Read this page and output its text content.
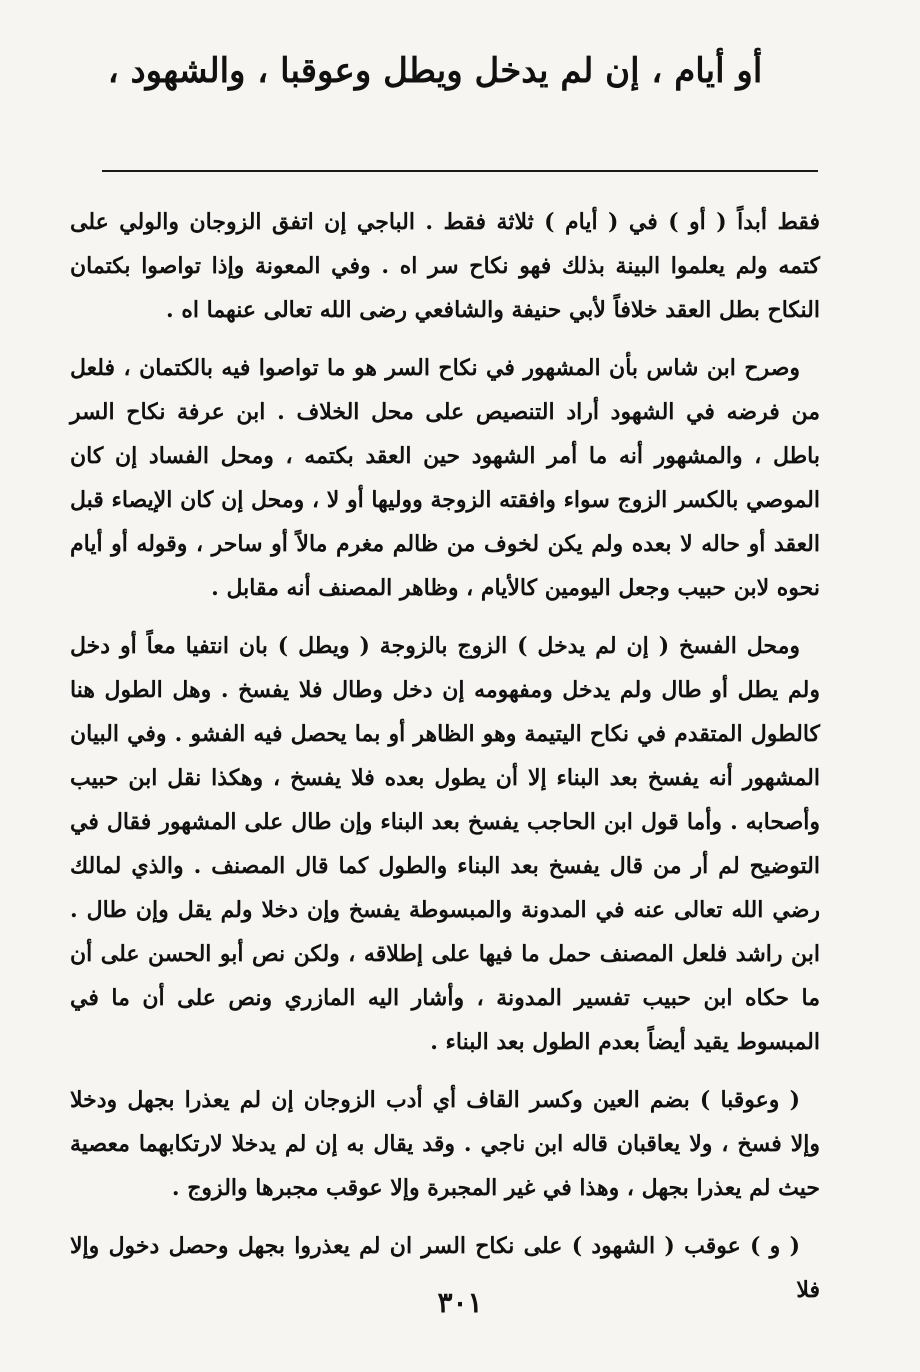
أو أيام ، إن لم يدخل ويطل وعوقبا ، والشهود ،

فقط أبداً ( أو ) في ( أيام ) ثلاثة فقط . الباجي إن اتفق الزوجان والولي على كتمه ولم يعلموا البينة بذلك فهو نكاح سر اه . وفي المعونة وإذا تواصوا بكتمان النكاح بطل العقد خلافاً لأبي حنيفة والشافعي رضى الله تعالى عنهما اه .

وصرح ابن شاس بأن المشهور في نكاح السر هو ما تواصوا فيه بالكتمان ، فلعل من فرضه في الشهود أراد التنصيص على محل الخلاف . ابن عرفة نكاح السر باطل ، والمشهور أنه ما أمر الشهود حين العقد بكتمه ، ومحل الفساد إن كان الموصي بالكسر الزوج سواء وافقته الزوجة ووليها أو لا ، ومحل إن كان الإيصاء قبل العقد أو حاله لا بعده ولم يكن لخوف من ظالم مغرم مالاً أو ساحر ، وقوله أو أيام نحوه لابن حبيب وجعل اليومين كالأيام ، وظاهر المصنف أنه مقابل .

ومحل الفسخ ( إن لم يدخل ) الزوج بالزوجة ( ويطل ) بان انتفيا معاً أو دخل ولم يطل أو طال ولم يدخل ومفهومه إن دخل وطال فلا يفسخ . وهل الطول هنا كالطول المتقدم في نكاح اليتيمة وهو الظاهر أو بما يحصل فيه الفشو . وفي البيان المشهور أنه يفسخ بعد البناء إلا أن يطول بعده فلا يفسخ ، وهكذا نقل ابن حبيب وأصحابه . وأما قول ابن الحاجب يفسخ بعد البناء وإن طال على المشهور فقال في التوضيح لم أر من قال يفسخ بعد البناء والطول كما قال المصنف . والذي لمالك رضي الله تعالى عنه في المدونة والمبسوطة يفسخ وإن دخلا ولم يقل وإن طال . ابن راشد فلعل المصنف حمل ما فيها على إطلاقه ، ولكن نص أبو الحسن على أن ما حكاه ابن حبيب تفسير المدونة ، وأشار اليه المازري ونص على أن ما في المبسوط يقيد أيضاً بعدم الطول بعد البناء .

( وعوقبا ) بضم العين وكسر القاف أي أدب الزوجان إن لم يعذرا بجهل ودخلا وإلا فسخ ، ولا يعاقبان قاله ابن ناجي . وقد يقال به إن لم يدخلا لارتكابهما معصية حيث لم يعذرا بجهل ، وهذا في غير المجبرة وإلا عوقب مجبرها والزوج .

( و ) عوقب ( الشهود ) على نكاح السر ان لم يعذروا بجهل وحصل دخول وإلا فلا

٣٠١
